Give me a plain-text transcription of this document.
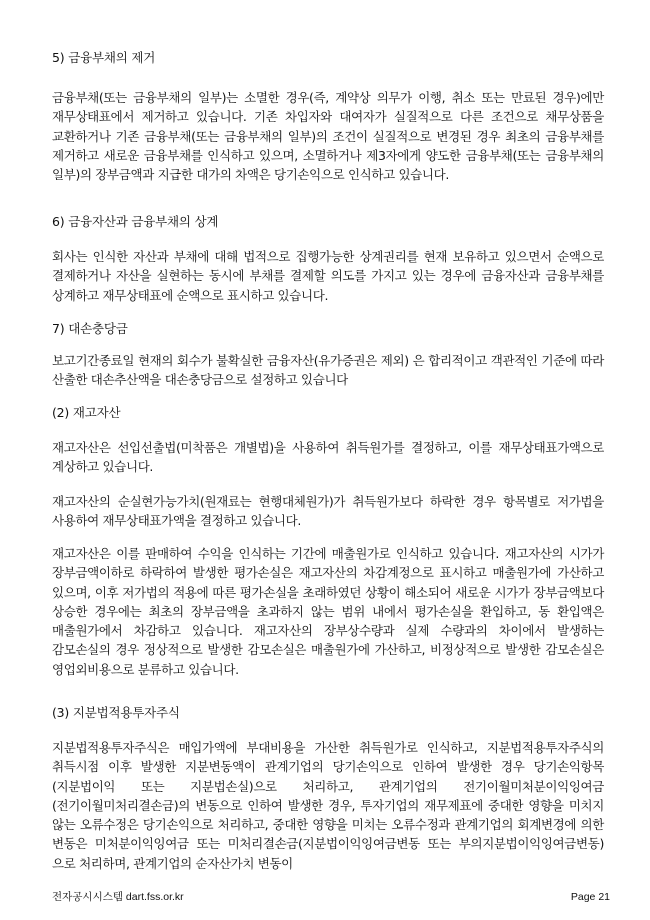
5) 금융부채의 제거

금융부채(또는 금융부채의 일부)는 소멸한 경우(즉, 계약상 의무가 이행, 취소 또는 만료된 경우)에만 재무상태표에서 제거하고 있습니다. 기존 차입자와 대여자가 실질적으로 다른 조건으로 채무상품을 교환하거나 기존 금융부채(또는 금융부채의 일부)의 조건이 실질적으로 변경된 경우 최초의 금융부채를 제거하고 새로운 금융부채를 인식하고 있으며, 소멸하거나 제3자에게 양도한 금융부채(또는 금융부채의 일부)의 장부금액과 지급한 대가의 차액은 당기손익으로 인식하고 있습니다.

6) 금융자산과 금융부채의 상계

회사는 인식한 자산과 부채에 대해 법적으로 집행가능한 상계권리를 현재 보유하고 있으면서 순액으로 결제하거나 자산을 실현하는 동시에 부채를 결제할 의도를 가지고 있는 경우에 금융자산과 금융부채를 상계하고 재무상태표에 순액으로 표시하고 있습니다.

7) 대손충당금

보고기간종료일 현재의 회수가 불확실한 금융자산(유가증권은 제외) 은 합리적이고 객관적인 기준에 따라 산출한 대손추산액을 대손충당금으로 설정하고 있습니다

(2) 재고자산

재고자산은 선입선출법(미착품은 개별법)을 사용하여 취득원가를 결정하고, 이를 재무상태표가액으로 계상하고 있습니다.

재고자산의 순실현가능가치(원재료는 현행대체원가)가 취득원가보다 하락한 경우 항목별로 저가법을 사용하여 재무상태표가액을 결정하고 있습니다.

재고자산은 이를 판매하여 수익을 인식하는 기간에 매출원가로 인식하고 있습니다. 재고자산의 시가가 장부금액이하로 하락하여 발생한 평가손실은 재고자산의 차감계정으로 표시하고 매출원가에 가산하고 있으며, 이후 저가법의 적용에 따른 평가손실을 초래하였던 상황이 해소되어 새로운 시가가 장부금액보다 상승한 경우에는 최초의 장부금액을 초과하지 않는 범위 내에서 평가손실을 환입하고, 동 환입액은 매출원가에서 차감하고 있습니다. 재고자산의 장부상수량과 실제 수량과의 차이에서 발생하는 감모손실의 경우 정상적으로 발생한 감모손실은 매출원가에 가산하고, 비정상적으로 발생한 감모손실은 영업외비용으로 분류하고 있습니다.

(3) 지분법적용투자주식

지분법적용투자주식은 매입가액에 부대비용을 가산한 취득원가로 인식하고, 지분법적용투자주식의 취득시점 이후 발생한 지분변동액이 관계기업의 당기손익으로 인하여 발생한 경우 당기손익항목(지분법이익 또는 지분법손실)으로 처리하고, 관계기업의 전기이월미처분이익잉여금(전기이월미처리결손금)의 변동으로 인하여 발생한 경우, 투자기업의 재무제표에 중대한 영향을 미치지 않는 오류수정은 당기손익으로 처리하고, 중대한 영향을 미치는 오류수정과 관계기업의 회계변경에 의한 변동은 미처분이익잉여금 또는 미처리결손금(지분법이익잉여금변동 또는 부의지분법이익잉여금변동)으로 처리하며, 관계기업의 순자산가치 변동이

전자공시시스템 dart.fss.or.kr	Page 21
